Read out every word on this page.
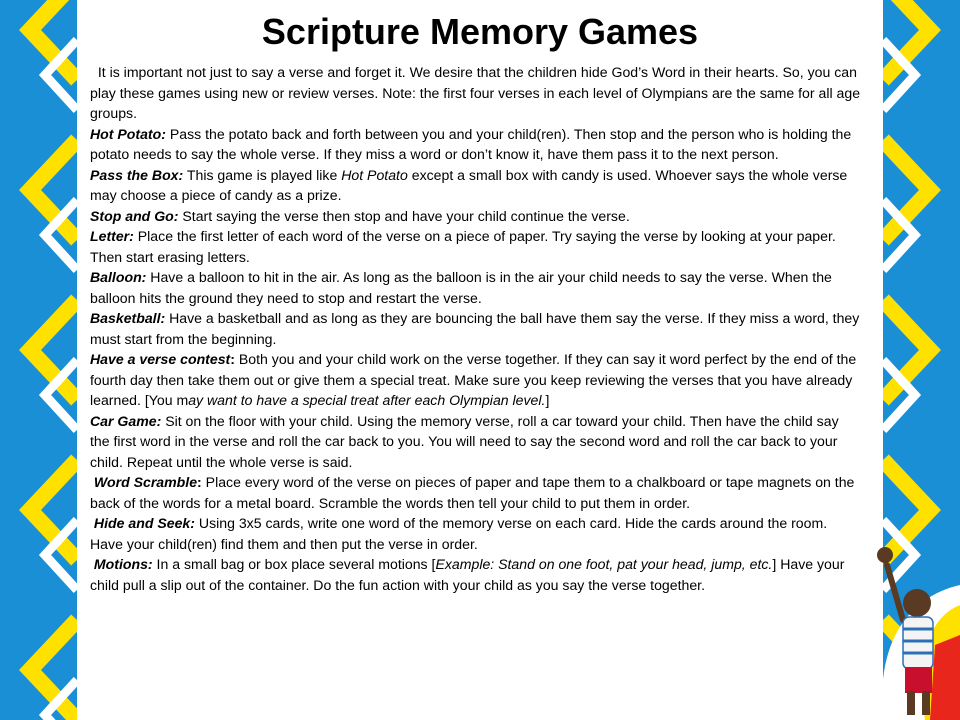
Scripture Memory Games

It is important not just to say a verse and forget it. We desire that the children hide God’s Word in their hearts. So, you can play these games using new or review verses. Note: the first four verses in each level of Olympians are the same for all age groups.

Hot Potato: Pass the potato back and forth between you and your child(ren). Then stop and the person who is holding the potato needs to say the whole verse. If they miss a word or don’t know it, have them pass it to the next person.

Pass the Box: This game is played like Hot Potato except a small box with candy is used. Whoever says the whole verse may choose a piece of candy as a prize.

Stop and Go: Start saying the verse then stop and have your child continue the verse.

Letter: Place the first letter of each word of the verse on a piece of paper. Try saying the verse by looking at your paper. Then start erasing letters.

Balloon: Have a balloon to hit in the air. As long as the balloon is in the air your child needs to say the verse. When the balloon hits the ground they need to stop and restart the verse.

Basketball: Have a basketball and as long as they are bouncing the ball have them say the verse. If they miss a word, they must start from the beginning.

Have a verse contest: Both you and your child work on the verse together. If they can say it word perfect by the end of the fourth day then take them out or give them a special treat. Make sure you keep reviewing the verses that you have already learned. [You may want to have a special treat after each Olympian level.]

Car Game: Sit on the floor with your child. Using the memory verse, roll a car toward your child. Then have the child say the first word in the verse and roll the car back to you. You will need to say the second word and roll the car back to your child. Repeat until the whole verse is said.

Word Scramble: Place every word of the verse on pieces of paper and tape them to a chalkboard or tape magnets on the back of the words for a metal board. Scramble the words then tell your child to put them in order.

Hide and Seek: Using 3x5 cards, write one word of the memory verse on each card. Hide the cards around the room. Have your child(ren) find them and then put the verse in order.

Motions: In a small bag or box place several motions [Example: Stand on one foot, pat your head, jump, etc.] Have your child pull a slip out of the container. Do the fun action with your child as you say the verse together.
